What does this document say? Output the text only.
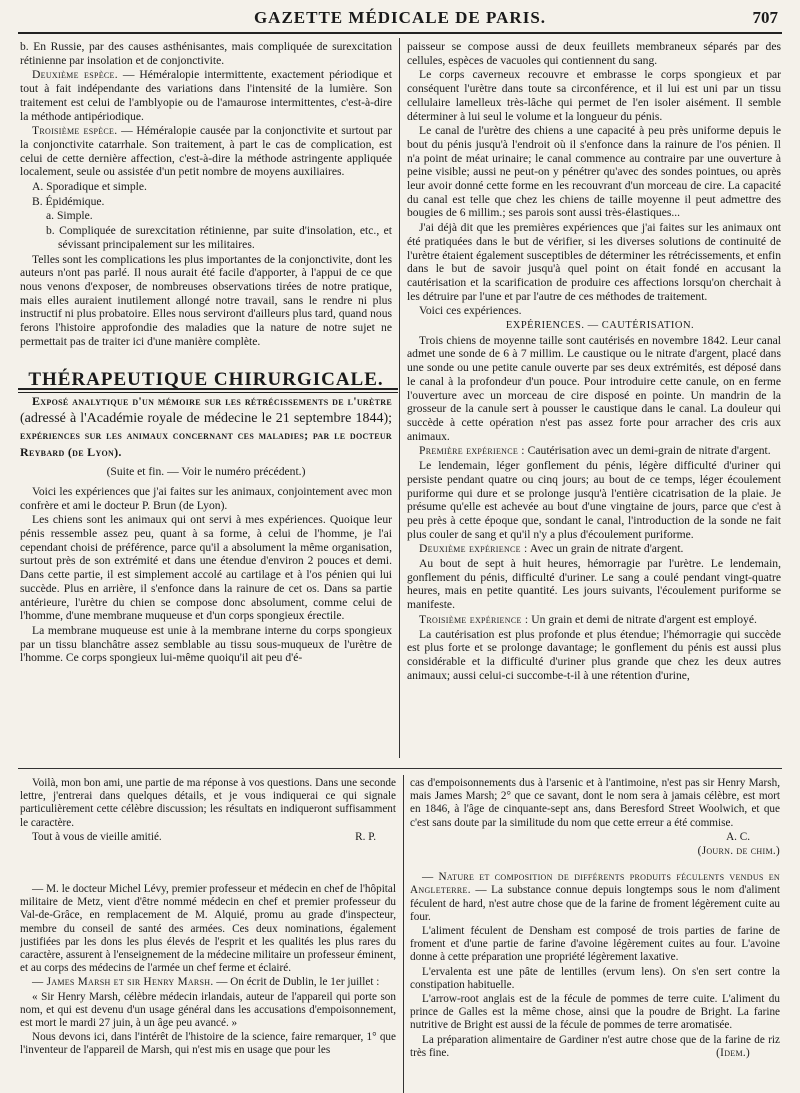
GAZETTE MÉDICALE DE PARIS.	707

b. En Russie, par des causes asthénisantes, mais compliquée de surexcitation rétinienne par insolation et de conjonctivite.

Deuxième espèce. — Héméralopie intermittente, exactement périodique et tout à fait indépendante des variations dans l'intensité de la lumière. Son traitement est celui de l'amblyopie ou de l'amaurose intermittentes, c'est-à-dire la méthode antipériodique.

Troisième espèce. — Héméralopie causée par la conjonctivite et surtout par la conjonctivite catarrhale. Son traitement, à part le cas de complication, est celui de cette dernière affection, c'est-à-dire la méthode astringente appliquée localement, seule ou assistée d'un petit nombre de moyens auxiliaires.

A. Sporadique et simple.

B. Épidémique.

a. Simple.

b. Compliquée de surexcitation rétinienne, par suite d'insolation, etc., et sévissant principalement sur les militaires.

Telles sont les complications les plus importantes de la conjonctivite, dont les auteurs n'ont pas parlé. Il nous aurait été facile d'apporter, à l'appui de ce que nous venons d'exposer, de nombreuses observations tirées de notre pratique, mais elles auraient inutilement allongé notre travail, sans le rendre ni plus instructif ni plus probatoire. Elles nous serviront d'ailleurs plus tard, quand nous ferons l'histoire approfondie des maladies que la nature de notre sujet ne permettait pas de traiter ici d'une manière complète.

THÉRAPEUTIQUE CHIRURGICALE.

Exposé analytique d'un mémoire sur les rétrécissements de l'urètre (adressé à l'Académie royale de médecine le 21 septembre 1844); expériences sur les animaux concernant ces maladies; par le docteur Reybard (de Lyon).

(Suite et fin. — Voir le numéro précédent.)

Voici les expériences que j'ai faites sur les animaux, conjointement avec mon confrère et ami le docteur P. Brun (de Lyon).

Les chiens sont les animaux qui ont servi à mes expériences. Quoique leur pénis ressemble assez peu, quant à sa forme, à celui de l'homme, je l'ai cependant choisi de préférence, parce qu'il a absolument la même organisation, surtout près de son extrémité et dans une étendue d'environ 2 pouces et demi. Dans cette partie, il est simplement accolé au cartilage et à l'os pénien qui lui succède. Plus en arrière, il s'enfonce dans la rainure de cet os. Dans sa partie antérieure, l'urètre du chien se compose donc absolument, comme celui de l'homme, d'une membrane muqueuse et d'un corps spongieux érectile.

La membrane muqueuse est unie à la membrane interne du corps spongieux par un tissu blanchâtre assez semblable au tissu sous-muqueux de l'urètre de l'homme. Ce corps spongieux lui-même quoiqu'il ait peu d'é-

paisseur se compose aussi de deux feuillets membraneux séparés par des cellules, espèces de vacuoles qui contiennent du sang.

Le corps caverneux recouvre et embrasse le corps spongieux et par conséquent l'urètre dans toute sa circonférence, et il lui est uni par un tissu cellulaire lamelleux très-lâche qui permet de l'en isoler aisément. Il semble déterminer à lui seul le volume et la longueur du pénis.

Le canal de l'urètre des chiens a une capacité à peu près uniforme depuis le bout du pénis jusqu'à l'endroit où il s'enfonce dans la rainure de l'os pénien. Il n'a point de méat urinaire; le canal commence au contraire par une ouverture à peine visible; aussi ne peut-on y pénétrer qu'avec des sondes pointues, ou après leur avoir donné cette forme en les recouvrant d'un morceau de cire. La capacité du canal est telle que chez les chiens de taille moyenne il peut admettre des bougies de 6 millim.; ses parois sont aussi très-élastiques...

J'ai déjà dit que les premières expériences que j'ai faites sur les animaux ont été pratiquées dans le but de vérifier, si les diverses solutions de continuité de l'urètre étaient également susceptibles de déterminer les rétrécissements, et enfin dans le but de savoir jusqu'à quel point on était fondé en accusant la cautérisation et la scarification de produire ces affections lorsqu'on cherchait à les détruire par l'une et par l'autre de ces méthodes de traitement.

Voici ces expériences.

EXPÉRIENCES. — CAUTÉRISATION.

Trois chiens de moyenne taille sont cautérisés en novembre 1842. Leur canal admet une sonde de 6 à 7 millim. Le caustique ou le nitrate d'argent, placé dans une sonde ou une petite canule ouverte par ses deux extrémités, est déposé dans le canal à la profondeur d'un pouce. Pour introduire cette canule, on en ferme l'ouverture avec un morceau de cire disposé en pointe. Un mandrin de la grosseur de la canule sert à pousser le caustique dans le canal. La douleur qui succède à cette opération n'est pas assez forte pour arracher des cris aux animaux.

Première expérience : Cautérisation avec un demi-grain de nitrate d'argent.

Le lendemain, léger gonflement du pénis, légère difficulté d'uriner qui persiste pendant quatre ou cinq jours; au bout de ce temps, léger écoulement puriforme qui dure et se prolonge jusqu'à l'entière cicatrisation de la plaie. Je présume qu'elle est achevée au bout d'une vingtaine de jours, parce que c'est à peu près à cette époque que, sondant le canal, l'introduction de la sonde ne fait plus couler de sang et qu'il n'y a plus d'écoulement puriforme.

Deuxième expérience : Avec un grain de nitrate d'argent.

Au bout de sept à huit heures, hémorragie par l'urètre. Le lendemain, gonflement du pénis, difficulté d'uriner. Le sang a coulé pendant vingt-quatre heures, mais en petite quantité. Les jours suivants, l'écoulement puriforme se manifeste.

Troisième expérience : Un grain et demi de nitrate d'argent est employé.

La cautérisation est plus profonde et plus étendue; l'hémorragie qui succède est plus forte et se prolonge davantage; le gonflement du pénis est aussi plus considérable et la difficulté d'uriner plus grande que chez les deux autres animaux; aussi celui-ci succombe-t-il à une rétention d'urine,

Voilà, mon bon ami, une partie de ma réponse à vos questions. Dans une seconde lettre, j'entrerai dans quelques détails, et je vous indiquerai ce qui signale particulièrement cette célèbre discussion; les résultats en indiqueront suffisamment le caractère.

Tout à vous de vieille amitié.	R. P.

— M. le docteur Michel Lévy, premier professeur et médecin en chef de l'hôpital militaire de Metz, vient d'être nommé médecin en chef et premier professeur du Val-de-Grâce, en remplacement de M. Alquié, promu au grade d'inspecteur, membre du conseil de santé des armées. Ces deux nominations, également justifiées par les dons les plus élevés de l'esprit et les qualités les plus rares du caractère, assurent à l'enseignement de la médecine militaire un professeur éminent, et au corps des médecins de l'armée un chef ferme et éclairé.

— James Marsh et sir Henry Marsh. — On écrit de Dublin, le 1er juillet :

« Sir Henry Marsh, célèbre médecin irlandais, auteur de l'appareil qui porte son nom, et qui est devenu d'un usage général dans les accusations d'empoisonnement, est mort le mardi 27 juin, à un âge peu avancé. »

Nous devons ici, dans l'intérêt de l'histoire de la science, faire remarquer, 1° que l'inventeur de l'appareil de Marsh, qui n'est mis en usage que pour les

cas d'empoisonnements dus à l'arsenic et à l'antimoine, n'est pas sir Henry Marsh, mais James Marsh; 2° que ce savant, dont le nom sera à jamais célèbre, est mort en 1846, à l'âge de cinquante-sept ans, dans Beresford Street Woolwich, et que c'est sans doute par la similitude du nom que cette erreur a été commise.

A. C.

(Journ. de chim.)

— Nature et composition de différents produits féculents vendus en Angleterre. — La substance connue depuis longtemps sous le nom d'aliment féculent de hard, n'est autre chose que de la farine de froment légèrement cuite au four.

L'aliment féculent de Densham est composé de trois parties de farine de froment et d'une partie de farine d'avoine légèrement cuites au four. L'avoine donne à cette préparation une propriété légèrement laxative.

L'ervalenta est une pâte de lentilles (ervum lens). On s'en sert contre la constipation habituelle.

L'arrow-root anglais est de la fécule de pommes de terre cuite. L'aliment du prince de Galles est la même chose, ainsi que la poudre de Bright. La farine nutritive de Bright est aussi de la fécule de pommes de terre aromatisée.

La préparation alimentaire de Gardiner n'est autre chose que de la farine de riz très fine.	(Idem.)
